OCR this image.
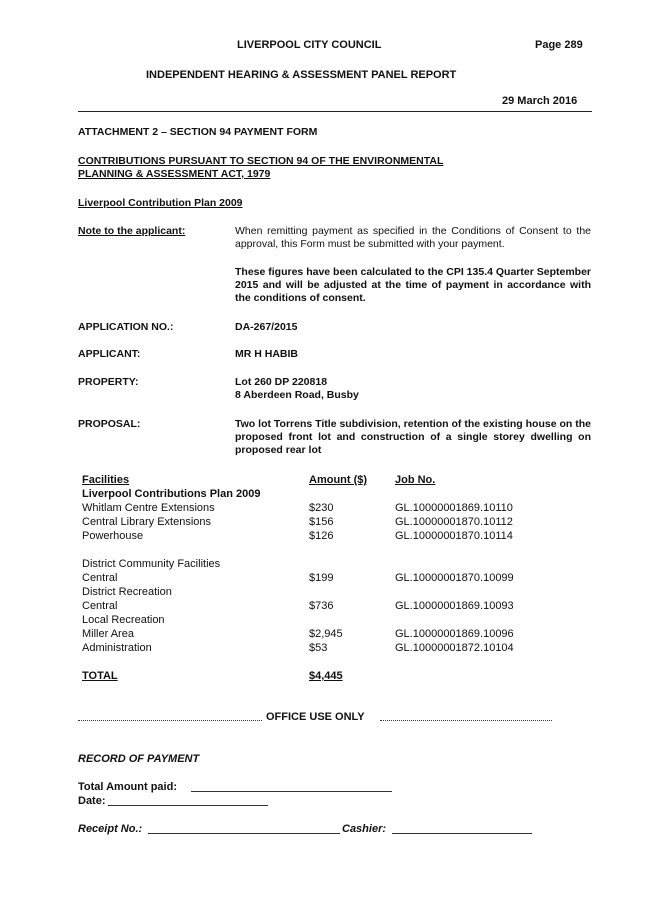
LIVERPOOL CITY COUNCIL	Page 289
INDEPENDENT HEARING & ASSESSMENT PANEL REPORT
29 March 2016
ATTACHMENT 2 – SECTION 94 PAYMENT FORM
CONTRIBUTIONS PURSUANT TO SECTION 94 OF THE ENVIRONMENTAL
PLANNING & ASSESSMENT ACT, 1979
Liverpool Contribution Plan 2009
Note to the applicant:	When remitting payment as specified in the Conditions of Consent to the approval, this Form must be submitted with your payment.
These figures have been calculated to the CPI 135.4 Quarter September 2015 and will be adjusted at the time of payment in accordance with the conditions of consent.
APPLICATION NO.:	DA-267/2015
APPLICANT:	MR H HABIB
PROPERTY:	Lot 260 DP 220818
8 Aberdeen Road, Busby
PROPOSAL:	Two lot Torrens Title subdivision, retention of the existing house on the proposed front lot and construction of a single storey dwelling on proposed rear lot
Facilities	Amount ($)	Job No.
Liverpool Contributions Plan 2009
Whitlam Centre Extensions	$230	GL.10000001869.10110
Central Library Extensions	$156	GL.10000001870.10112
Powerhouse	$126	GL.10000001870.10114
District Community Facilities
Central	$199	GL.10000001870.10099
District Recreation
Central	$736	GL.10000001869.10093
Local Recreation
Miller Area	$2,945	GL.10000001869.10096
Administration	$53	GL.10000001872.10104
TOTAL	$4,445
OFFICE USE ONLY
RECORD OF PAYMENT
Total Amount paid:
Date:
Receipt No.:	Cashier:
